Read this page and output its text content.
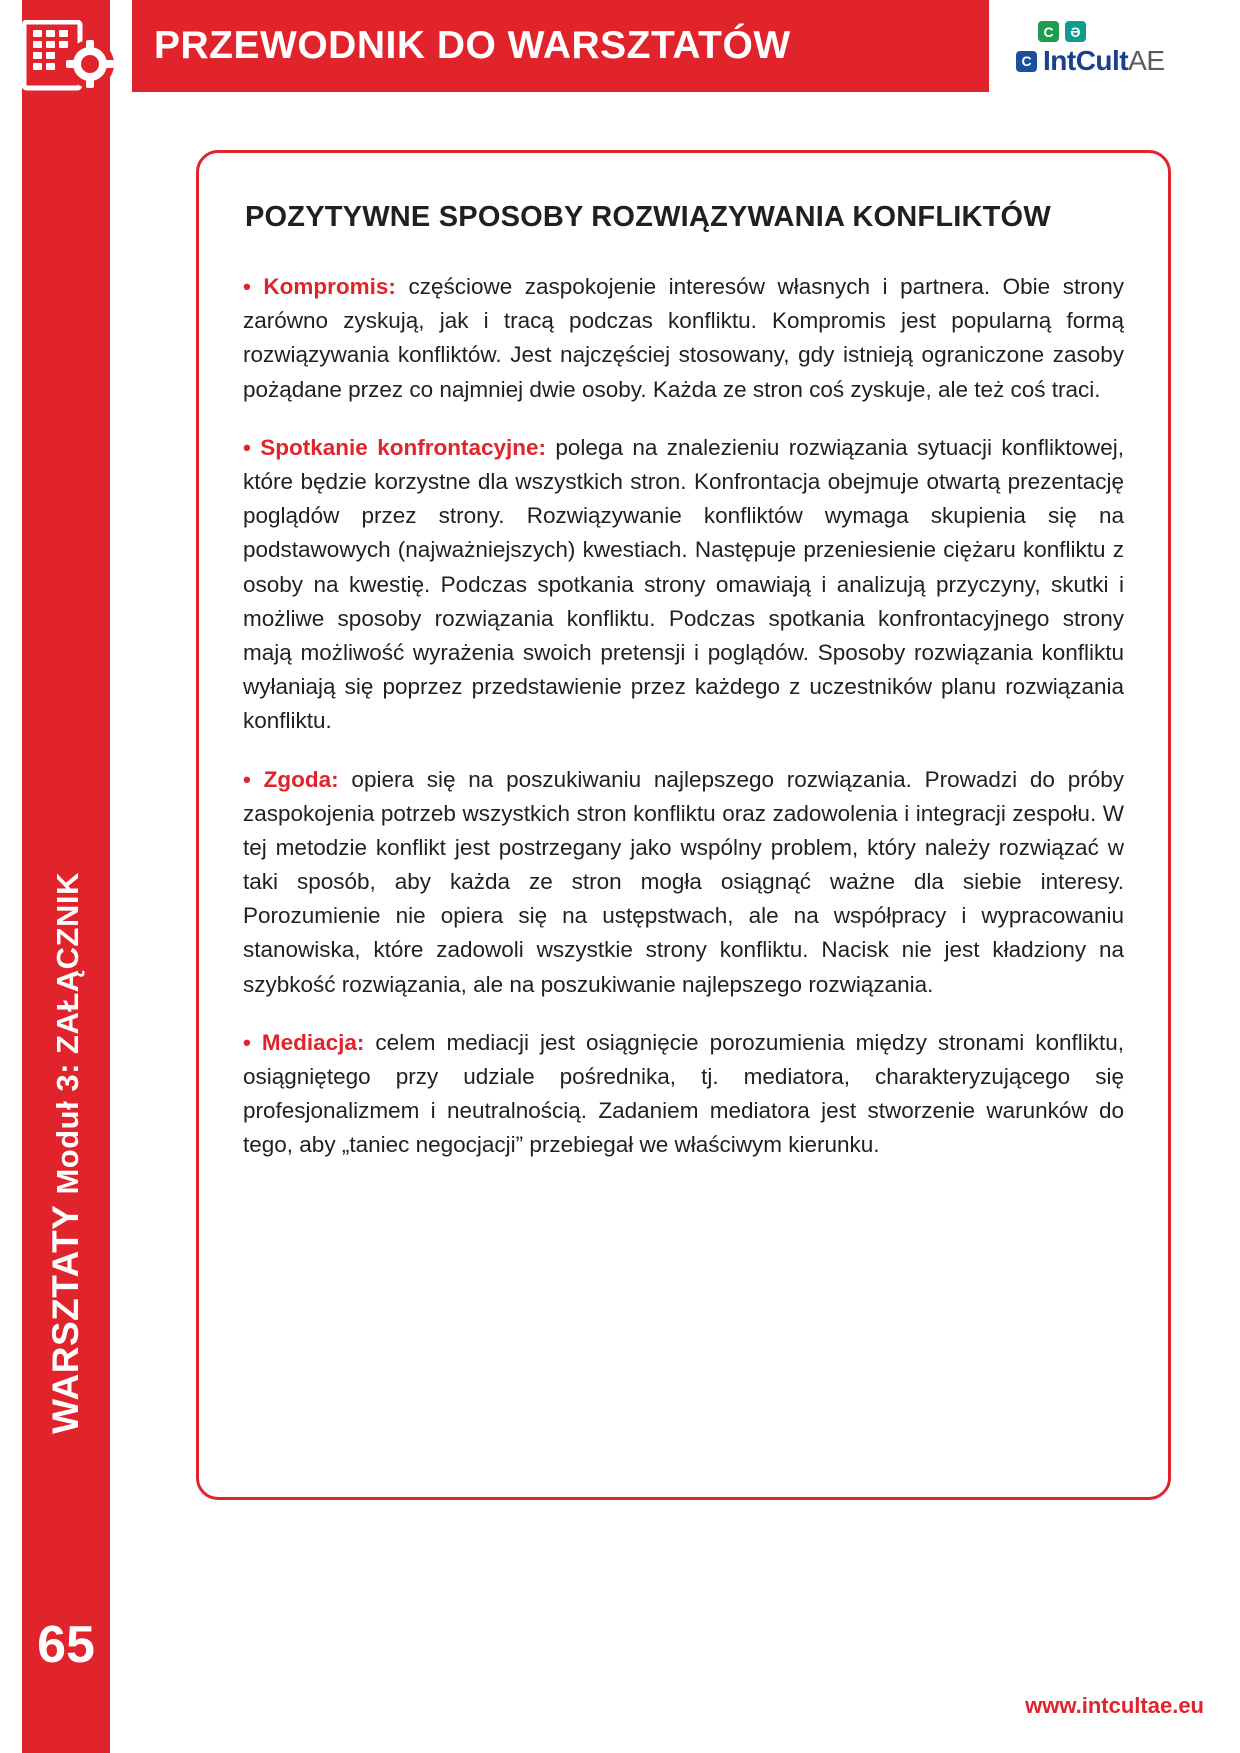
WARSZTATY Moduł 3: ZAŁĄCZNIK
65
PRZEWODNIK DO WARSZTATÓW	C	Ə
C IntCultAE
POZYTYWNE SPOSOBY ROZWIĄZYWANIA KONFLIKTÓW

• Kompromis: częściowe zaspokojenie interesów własnych i partnera. Obie strony zarówno zyskują, jak i tracą podczas konfliktu. Kompromis jest popularną formą rozwiązywania konfliktów. Jest najczęściej stosowany, gdy istnieją ograniczone zasoby pożądane przez co najmniej dwie osoby. Każda ze stron coś zyskuje, ale też coś traci.

• Spotkanie konfrontacyjne: polega na znalezieniu rozwiązania sytuacji konfliktowej, które będzie korzystne dla wszystkich stron. Konfrontacja obejmuje otwartą prezentację poglądów przez strony. Rozwiązywanie konfliktów wymaga skupienia się na podstawowych (najważniejszych) kwestiach. Następuje przeniesienie ciężaru konfliktu z osoby na kwestię. Podczas spotkania strony omawiają i analizują przyczyny, skutki i możliwe sposoby rozwiązania konfliktu. Podczas spotkania konfrontacyjnego strony mają możliwość wyrażenia swoich pretensji i poglądów. Sposoby rozwiązania konfliktu wyłaniają się poprzez przedstawienie przez każdego z uczestników planu rozwiązania konfliktu.

• Zgoda: opiera się na poszukiwaniu najlepszego rozwiązania. Prowadzi do próby zaspokojenia potrzeb wszystkich stron konfliktu oraz zadowolenia i integracji zespołu. W tej metodzie konflikt jest postrzegany jako wspólny problem, który należy rozwiązać w taki sposób, aby każda ze stron mogła osiągnąć ważne dla siebie interesy. Porozumienie nie opiera się na ustępstwach, ale na współpracy i wypracowaniu stanowiska, które zadowoli wszystkie strony konfliktu. Nacisk nie jest kładziony na szybkość rozwiązania, ale na poszukiwanie najlepszego rozwiązania.

• Mediacja: celem mediacji jest osiągnięcie porozumienia między stronami konfliktu, osiągniętego przy udziale pośrednika, tj. mediatora, charakteryzującego się profesjonalizmem i neutralnością. Zadaniem mediatora jest stworzenie warunków do tego, aby „taniec negocjacji” przebiegał we właściwym kierunku.

www.intcultae.eu
